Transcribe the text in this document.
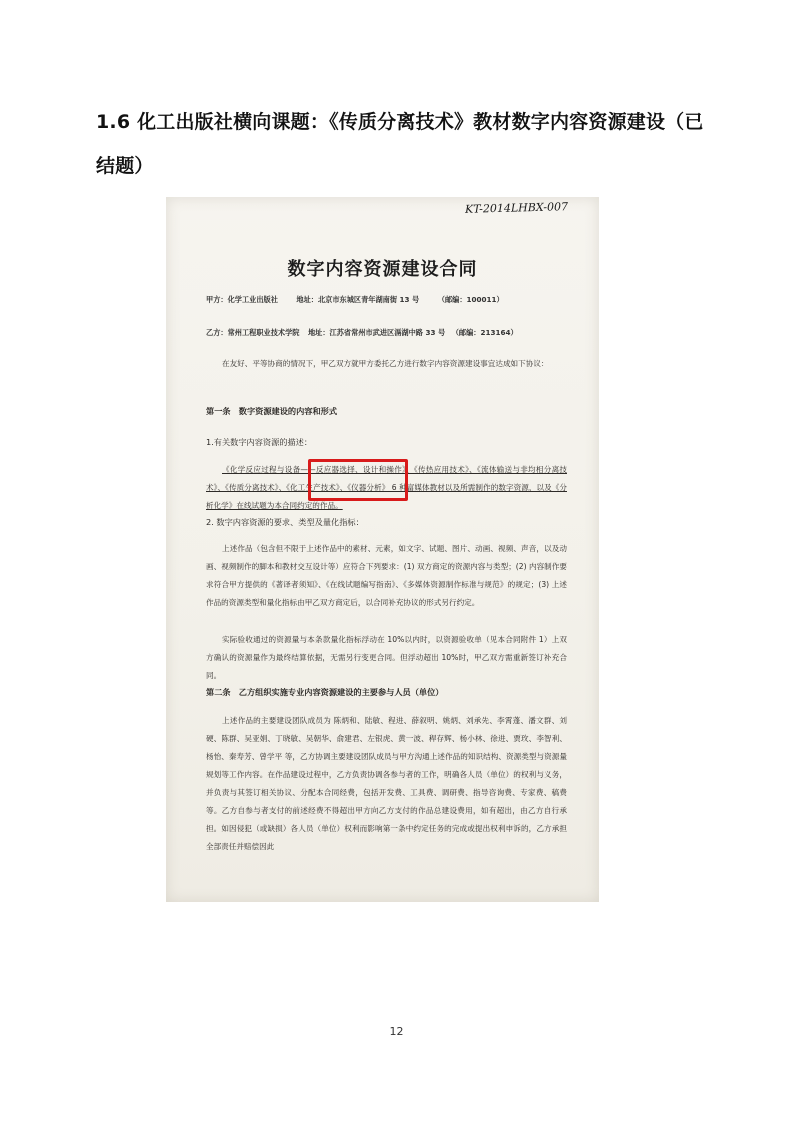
1.6 化工出版社横向课题：《传质分离技术》教材数字内容资源建设（已结题）
KT-2014LHBX-007
数字内容资源建设合同
甲方：化学工业出版社	地址：北京市东城区青年湖南街 13 号	（邮编：100011）
乙方：常州工程职业技术学院 地址：江苏省常州市武进区滆湖中路 33 号 （邮编：213164）
在友好、平等协商的情况下，甲乙双方就甲方委托乙方进行数字内容资源建设事宜达成如下协议：
第一条　数字资源建设的内容和形式
1.有关数字内容资源的描述：
《化学反应过程与设备——反应器选择、设计和操作》、《传热应用技术》、《流体输送与非均相分离技术》、《传质分离技术》、《化工生产技术》、《仪器分析》 6 种富媒体教材以及所需制作的数字资源，以及《分析化学》在线试题为本合同约定的作品。
2. 数字内容资源的要求、类型及量化指标：
上述作品（包含但不限于上述作品中的素材、元素，如文字、试题、图片、动画、视频、声音，以及动画、视频制作的脚本和教材交互设计等）应符合下列要求：(1) 双方商定的资源内容与类型；(2) 内容制作要求符合甲方提供的《著译者须知》、《在线试题编写指南》、《多媒体资源制作标准与规范》的规定；(3) 上述作品的资源类型和量化指标由甲乙双方商定后，以合同补充协议的形式另行约定。
实际验收通过的资源量与本条款量化指标浮动在 10%以内时，以资源验收单（见本合同附件 1）上双方确认的资源量作为最终结算依据，无需另行变更合同。但浮动超出 10%时，甲乙双方需重新签订补充合同。
第二条　乙方组织实施专业内容资源建设的主要参与人员（单位）
上述作品的主要建设团队成员为 陈炳和、陆敏、程进、薛叙明、姚炳、刘承先、李霄蓬、潘文群、刘硬、陈群、吴亚娟、丁晓敏、吴朝华、俞建君、左银虎、黄一波、稈存辉、杨小林、徐进、贾玫、李智利、杨怡、秦寿芳、曾学平 等，乙方协调主要建设团队成员与甲方沟通上述作品的知识结构、资源类型与资源量规划等工作内容。在作品建设过程中，乙方负责协调各参与者的工作，明确各人员（单位）的权利与义务，并负责与其签订相关协议、分配本合同经费，包括开发费、工具费、调研费、指导咨询费、专家费、稿费等。乙方自参与者支付的前述经费不得超出甲方向乙方支付的作品总建设费用，如有超出，由乙方自行承担。如因侵犯（或缺损）各人员（单位）权利而影响第一条中约定任务的完成或提出权利申诉的，乙方承担全部责任并赔偿因此
12
